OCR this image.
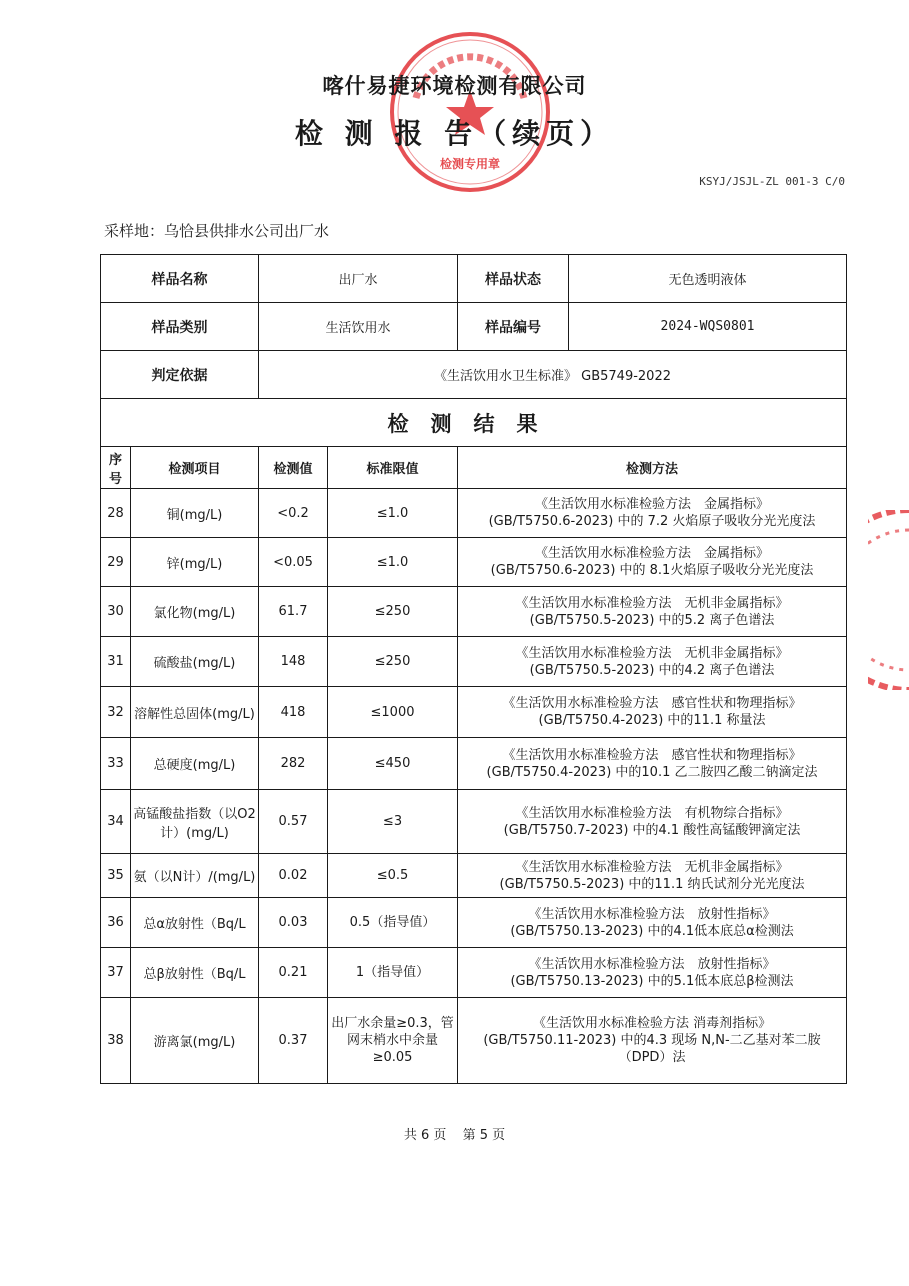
检测专用章
喀什易捷环境检测有限公司
检 测 报 告（续页）
KSYJ/JSJL-ZL 001-3 C/0
采样地：乌恰县供排水公司出厂水
样品名称		出厂水		样品状态	无色透明液体
样品类别		生活饮用水		样品编号	2024-WQS0801
判定依据		《生活饮用水卫生标准》 GB5749-2022			
检测结果					
序号	检测项目	检测值	标准限值	检测方法	
28	铜(mg/L)	<0.2	≤1.0	《生活饮用水标准检验方法　金属指标》
(GB/T5750.6-2023) 中的 7.2 火焰原子吸收分光光度法	

29	锌(mg/L)	<0.05	≤1.0	《生活饮用水标准检验方法　金属指标》
(GB/T5750.6-2023) 中的 8.1火焰原子吸收分光光度法	

30	氯化物(mg/L)	61.7	≤250	《生活饮用水标准检验方法　无机非金属指标》
(GB/T5750.5-2023) 中的5.2 离子色谱法	

31	硫酸盐(mg/L)	148	≤250	《生活饮用水标准检验方法　无机非金属指标》
(GB/T5750.5-2023) 中的4.2 离子色谱法	

32	溶解性总固体(mg/L)	418	≤1000	《生活饮用水标准检验方法　感官性状和物理指标》
(GB/T5750.4-2023) 中的11.1 称量法	

33	总硬度(mg/L)	282	≤450	《生活饮用水标准检验方法　感官性状和物理指标》
(GB/T5750.4-2023) 中的10.1 乙二胺四乙酸二钠滴定法	

34	高锰酸盐指数（以O2计）(mg/L)	0.57	≤3	《生活饮用水标准检验方法　有机物综合指标》
(GB/T5750.7-2023) 中的4.1 酸性高锰酸钾滴定法	

35	氨（以N计）/(mg/L)	0.02	≤0.5	《生活饮用水标准检验方法　无机非金属指标》
(GB/T5750.5-2023) 中的11.1 纳氏试剂分光光度法	

36	总α放射性（Bq/L	0.03	0.5（指导值）	《生活饮用水标准检验方法　放射性指标》
(GB/T5750.13-2023) 中的4.1低本底总α检测法	

37	总β放射性（Bq/L	0.21	1（指导值）	《生活饮用水标准检验方法　放射性指标》
(GB/T5750.13-2023) 中的5.1低本底总β检测法	

38	游离氯(mg/L)	0.37	出厂水余量≥0.3，管网末梢水中余量≥0.05	《生活饮用水标准检验方法 消毒剂指标》
(GB/T5750.11-2023) 中的4.3 现场 N,N-二乙基对苯二胺（DPD）法	
共 6 页 第 5 页
